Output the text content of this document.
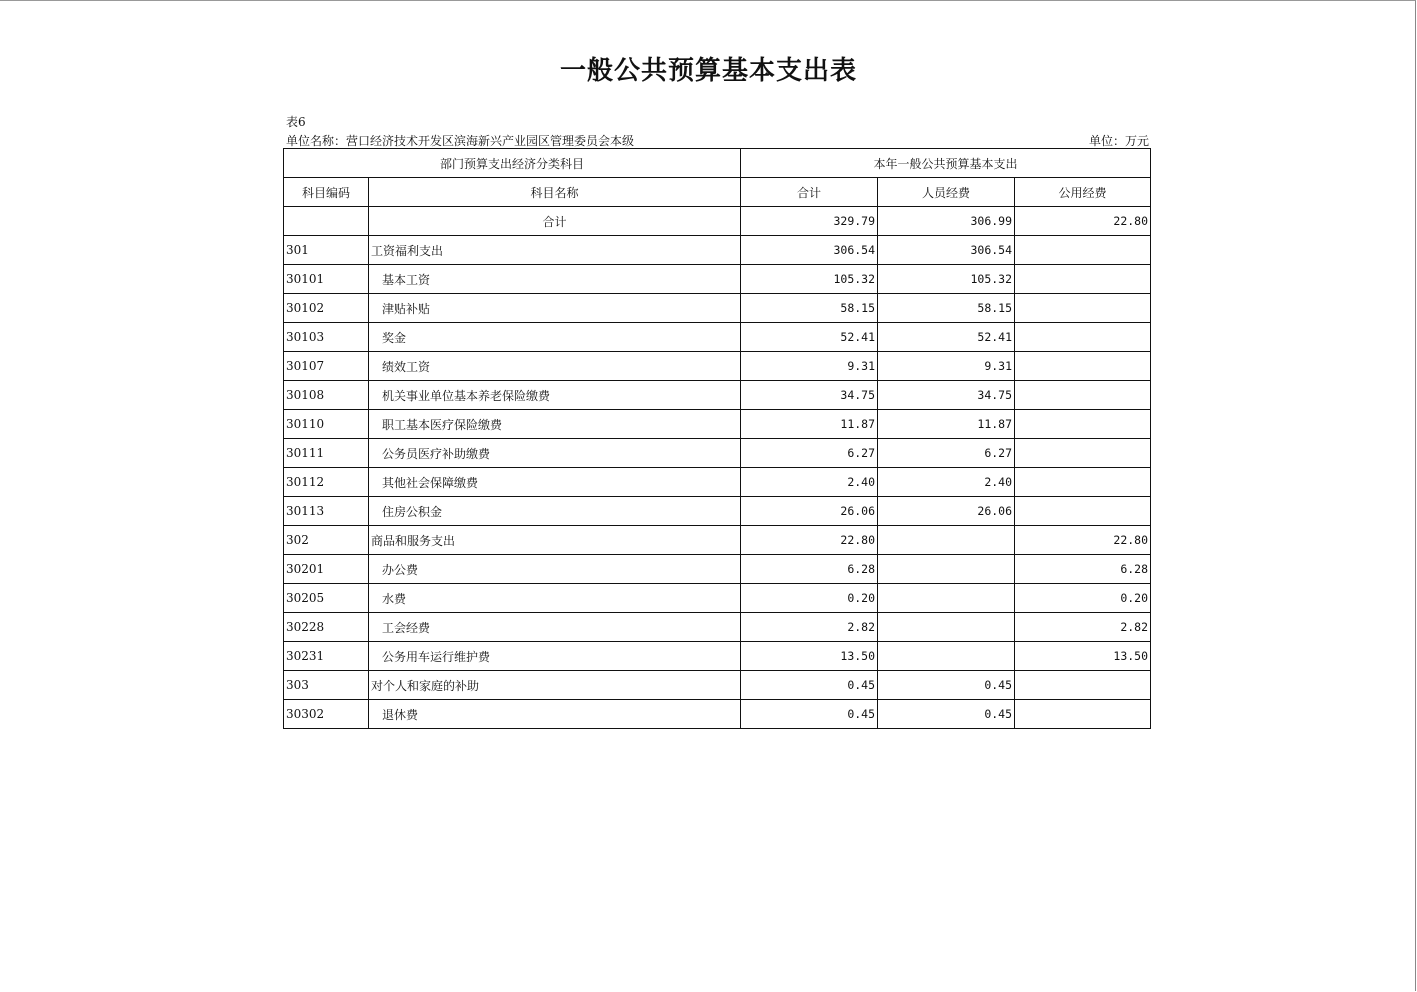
一般公共预算基本支出表
表6
单位名称：营口经济技术开发区滨海新兴产业园区管理委员会本级	单位：万元
部门预算支出经济分类科目		本年一般公共预算基本支出		
科目编码	科目名称	合计	人员经费	公用经费
	合计	329.79	306.99	22.80
301	工资福利支出	306.54	306.54	
30101	基本工资	105.32	105.32	
30102	津贴补贴	58.15	58.15	
30103	奖金	52.41	52.41	
30107	绩效工资	9.31	9.31	
30108	机关事业单位基本养老保险缴费	34.75	34.75	
30110	职工基本医疗保险缴费	11.87	11.87	
30111	公务员医疗补助缴费	6.27	6.27	
30112	其他社会保障缴费	2.40	2.40	
30113	住房公积金	26.06	26.06	
302	商品和服务支出	22.80		22.80
30201	办公费	6.28		6.28
30205	水费	0.20		0.20
30228	工会经费	2.82		2.82
30231	公务用车运行维护费	13.50		13.50
303	对个人和家庭的补助	0.45	0.45	
30302	退休费	0.45	0.45	
